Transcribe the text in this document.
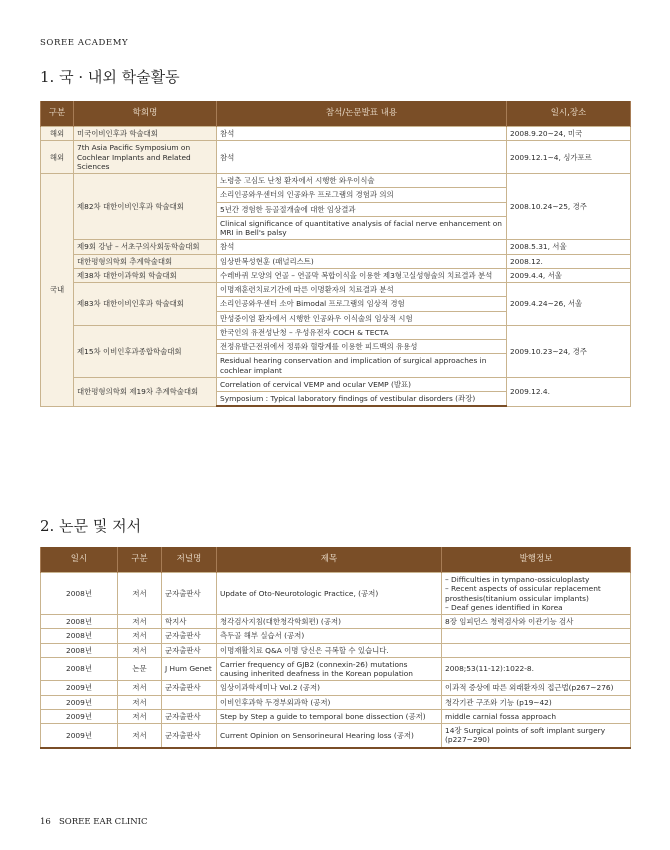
SOREE ACADEMY
1. 국 · 내외 학술활동
구분	학회명	참석/논문발표 내용	일시,장소
해외	미국이비인후과 학술대회	참석	2008.9.20~24, 미국
해외	7th Asia Pacific Symposium on Cochlear Implants and Related Sciences	참석	2009.12.1~4, 싱가포르
국내	제82차 대한이비인후과 학술대회	노령층 고심도 난청 환자에서 시행한 와우이식술	2008.10.24~25, 경주
		소리인공와우센터의 인공와우 프로그램의 경험과 의의	
		5년간 경험한 등골절개술에 대한 임상결과	
		Clinical significance of quantitative analysis of facial nerve enhancement on MRI in Bell's palsy	
	제9회 강남 – 서초구의사회동학술대회	참석	2008.5.31, 서울
	대한평형의학회 추계학술대회	임상반복성현훈 (패널리스트)	2008.12.
	제38차 대한이과학회 학술대회	수레바퀴 모양의 연골 – 연골막 복합이식을 이용한 제3형고실성형술의 치료결과 분석	2009.4.4, 서울
	제83차 대한이비인후과 학술대회	이명재훈련치료기간에 따른 이명환자의 치료결과 분석	2009.4.24~26, 서울
		소리인공와우센터 소아 Bimodal 프로그램의 임상적 경험	
		만성중이염 환자에서 시행한 인공와우 이식술의 임상적 시험	
	제15차 이비인후과종합학술대회	한국인의 유전성난청 – 우성유전자 COCH & TECTA	2009.10.23~24, 경주
		전정유발근전위에서 정류와 혈랑계를 이용한 피드백의 유용성	
		Residual hearing conservation and implication of surgical approaches in cochlear implant	
	대한평형의학회 제19차 추계학술대회	Correlation of cervical VEMP and ocular VEMP (발표)	2009.12.4.
		Symposium : Typical laboratory findings of vestibular disorders (좌장)	
2. 논문 및 저서
일시	구분	저널명	제목	발행정보
2008년	저서	군자출판사	Update of Oto-Neurotologic Practice, (공저)	– Difficulties in tympano-ossiculoplasty
– Recent aspects of ossicular replacement prosthesis(titanium ossicular implants)
– Deaf genes identified in Korea

2008년	저서	학지사	청각검사지침(대한청각학회편) (공저)	8장 임피던스 청력검사와 이관기능 검사

2008년	저서	군자출판사	측두골 해부 실습서 (공저)	

2008년	저서	군자출판사	이명재활치료 Q&A 이명 당신은 극복할 수 있습니다.	

2008년	논문	J Hum Genet	Carrier frequency of GJB2 (connexin-26) mutations causing inherited deafness in the Korean population	2008;53(11-12):1022-8.

2009년	저서	군자출판사	임상이과학세미나 Vol.2 (공저)	이과적 증상에 따른 외래환자의 접근법(p267~276)

2009년	저서		이비인후과학 두경부외과학 (공저)	청각기관 구조와 기능 (p19~42)

2009년	저서	군자출판사	Step by Step a guide to temporal bone dissection (공저)	middle carnial fossa approach

2009년	저서	군자출판사	Current Opinion on Sensorineural Hearing loss (공저)	14장 Surgical points of soft implant surgery (p227~290)
16 SOREE EAR CLINIC
